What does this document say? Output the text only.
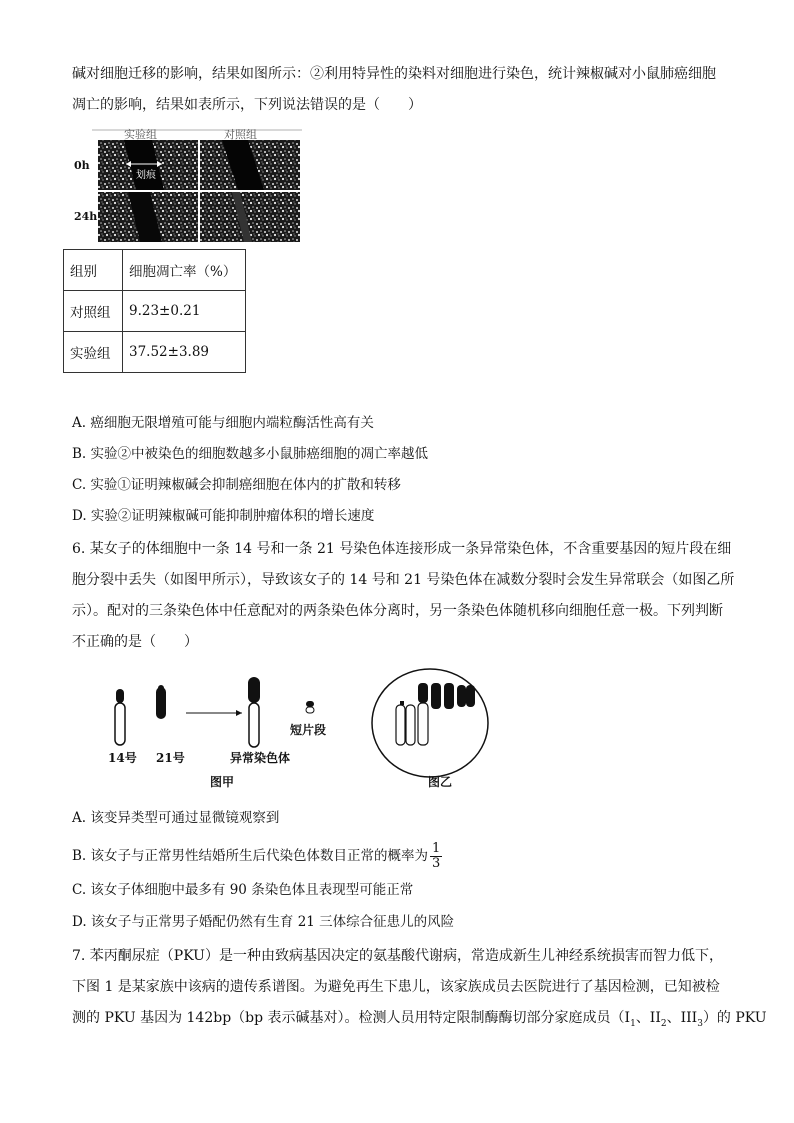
碱对细胞迁移的影响，结果如图所示：②利用特异性的染料对细胞进行染色，统计辣椒碱对小鼠肺癌细胞
凋亡的影响，结果如表所示，下列说法错误的是（　　）
实验组	对照组
0h
24h
划痕
组别	细胞凋亡率（%）
对照组	9.23±0.21
实验组	37.52±3.89
A. 癌细胞无限增殖可能与细胞内端粒酶活性高有关
B. 实验②中被染色的细胞数越多小鼠肺癌细胞的凋亡率越低
C. 实验①证明辣椒碱会抑制癌细胞在体内的扩散和转移
D. 实验②证明辣椒碱可能抑制肿瘤体积的增长速度
6. 某女子的体细胞中一条 14 号和一条 21 号染色体连接形成一条异常染色体，不含重要基因的短片段在细
胞分裂中丢失（如图甲所示），导致该女子的 14 号和 21 号染色体在减数分裂时会发生异常联会（如图乙所
示）。配对的三条染色体中任意配对的两条染色体分离时，另一条染色体随机移向细胞任意一极。下列判断
不正确的是（　　）
14号 21号	异常染色体
短片段
图甲	图乙
A. 该变异类型可通过显微镜观察到
B. 该女子与正常男性结婚所生后代染色体数目正常的概率为 $\frac{1}{3}$
C. 该女子体细胞中最多有 90 条染色体且表现型可能正常
D. 该女子与正常男子婚配仍然有生育 21 三体综合征患儿的风险
7. 苯丙酮尿症（PKU）是一种由致病基因决定的氨基酸代谢病，常造成新生儿神经系统损害而智力低下，
下图 1 是某家族中该病的遗传系谱图。为避免再生下患儿，该家族成员去医院进行了基因检测，已知被检
测的 PKU 基因为 142bp（bp 表示碱基对）。检测人员用特定限制酶酶切部分家庭成员（$I_1$、$II_2$、$III_3$）的 PKU
